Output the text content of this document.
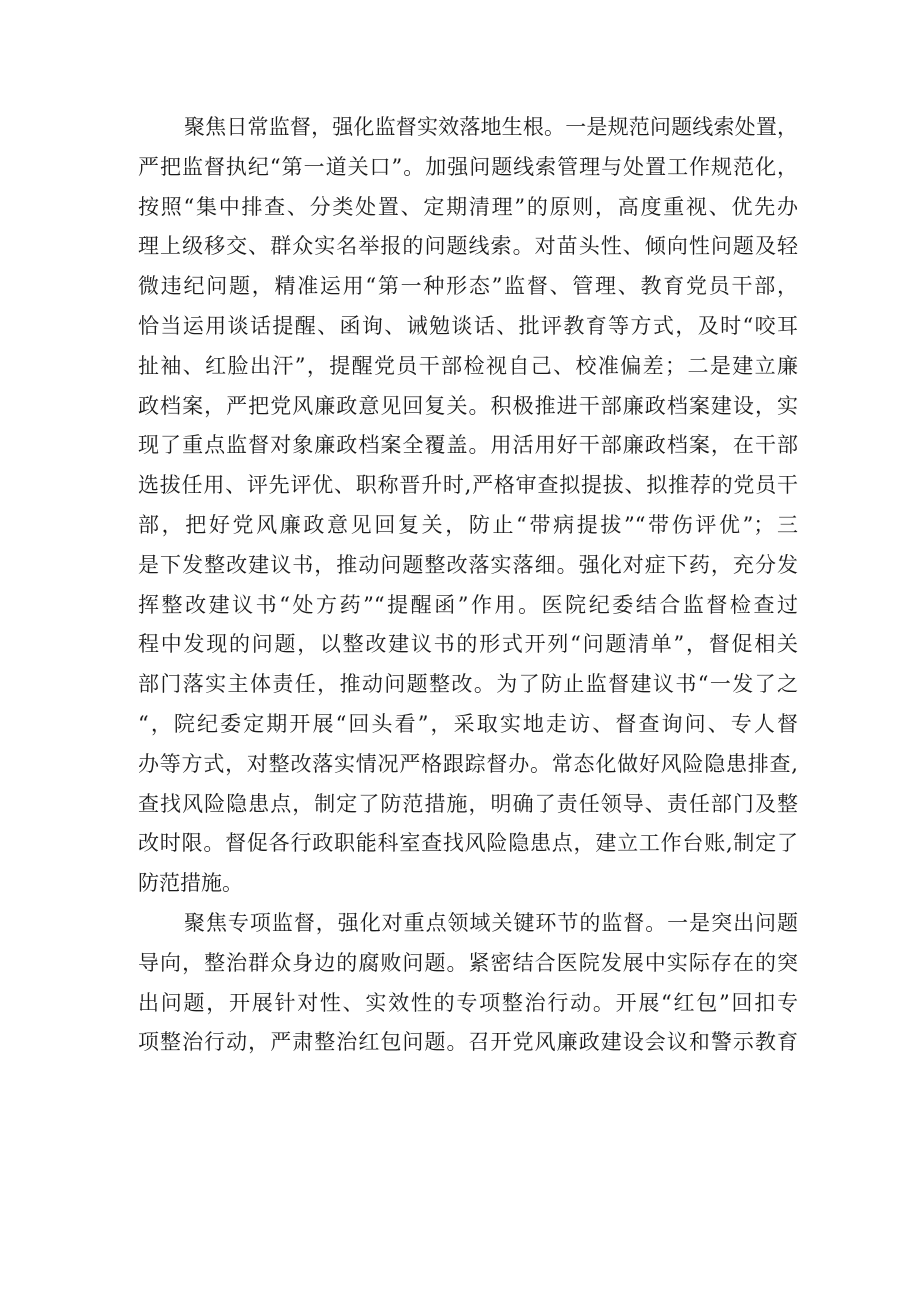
聚焦日常监督，强化监督实效落地生根。一是规范问题线索处置，
严把监督执纪“第一道关口”。加强问题线索管理与处置工作规范化，
按照“集中排查、分类处置、定期清理”的原则，高度重视、优先办
理上级移交、群众实名举报的问题线索。对苗头性、倾向性问题及轻
微违纪问题，精准运用“第一种形态”监督、管理、教育党员干部，
恰当运用谈话提醒、函询、诫勉谈话、批评教育等方式，及时“咬耳
扯袖、红脸出汗”，提醒党员干部检视自己、校准偏差；二是建立廉
政档案，严把党风廉政意见回复关。积极推进干部廉政档案建设，实
现了重点监督对象廉政档案全覆盖。用活用好干部廉政档案，在干部
选拔任用、评先评优、职称晋升时,严格审查拟提拔、拟推荐的党员干
部，把好党风廉政意见回复关，防止“带病提拔”“带伤评优”；三
是下发整改建议书，推动问题整改落实落细。强化对症下药，充分发
挥整改建议书“处方药”“提醒函”作用。医院纪委结合监督检查过
程中发现的问题，以整改建议书的形式开列“问题清单”，督促相关
部门落实主体责任，推动问题整改。为了防止监督建议书“一发了之
“，院纪委定期开展“回头看”，采取实地走访、督查询问、专人督
办等方式，对整改落实情况严格跟踪督办。常态化做好风险隐患排查,
查找风险隐患点，制定了防范措施，明确了责任领导、责任部门及整
改时限。督促各行政职能科室查找风险隐患点，建立工作台账,制定了
防范措施。
聚焦专项监督，强化对重点领域关键环节的监督。一是突出问题
导向，整治群众身边的腐败问题。紧密结合医院发展中实际存在的突
出问题，开展针对性、实效性的专项整治行动。开展“红包”回扣专
项整治行动，严肃整治红包问题。召开党风廉政建设会议和警示教育
